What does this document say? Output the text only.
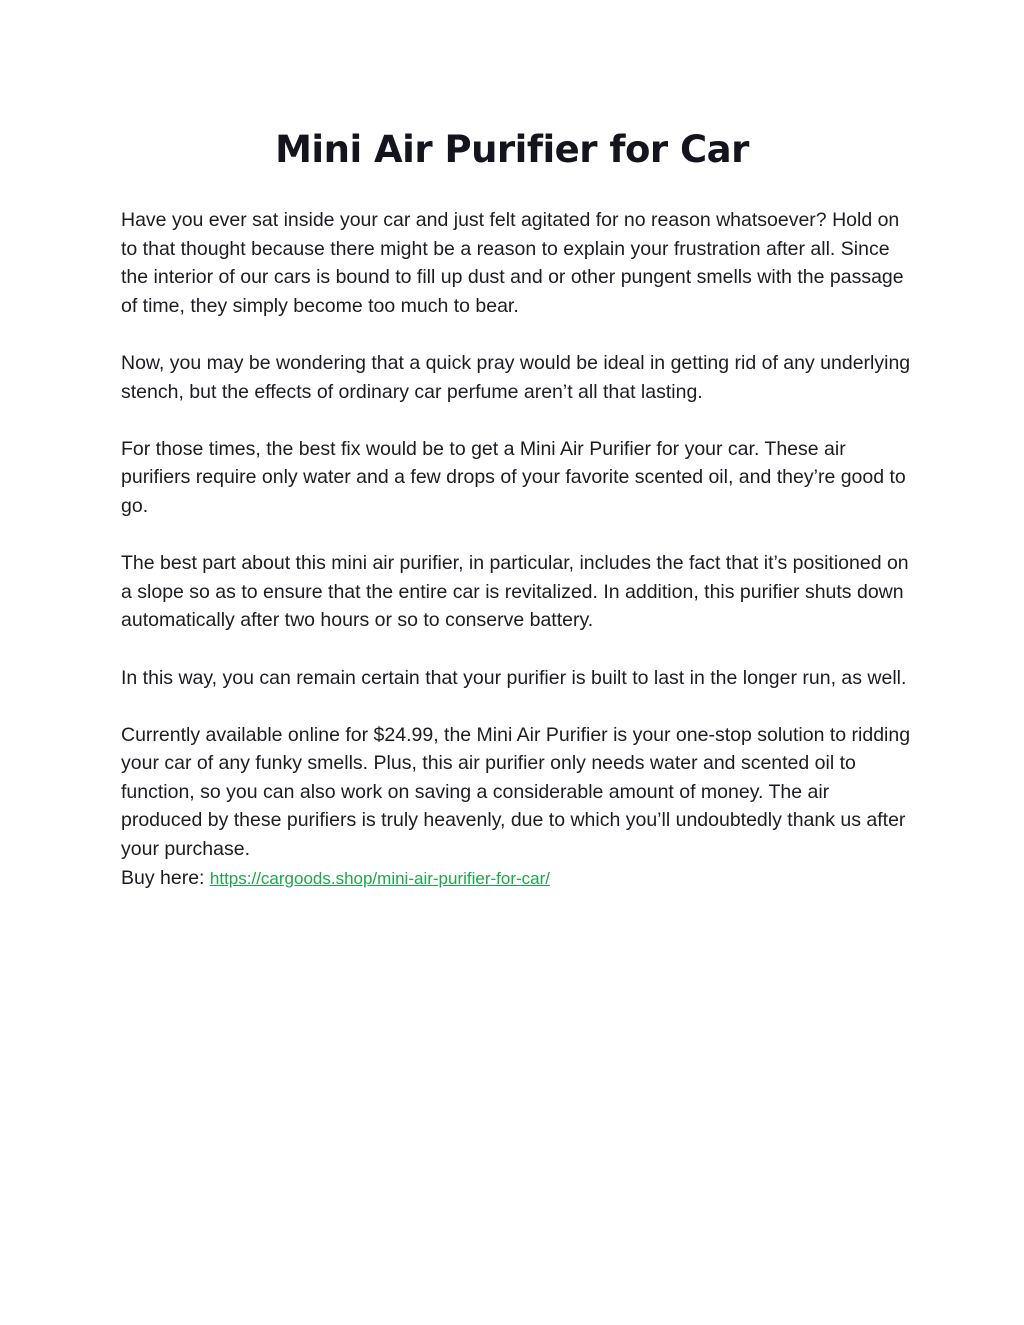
Mini Air Purifier for Car

Have you ever sat inside your car and just felt agitated for no reason whatsoever? Hold on to that thought because there might be a reason to explain your frustration after all. Since the interior of our cars is bound to fill up dust and or other pungent smells with the passage of time, they simply become too much to bear.

Now, you may be wondering that a quick pray would be ideal in getting rid of any underlying stench, but the effects of ordinary car perfume aren’t all that lasting.

For those times, the best fix would be to get a Mini Air Purifier for your car. These air purifiers require only water and a few drops of your favorite scented oil, and they’re good to go.

The best part about this mini air purifier, in particular, includes the fact that it’s positioned on a slope so as to ensure that the entire car is revitalized. In addition, this purifier shuts down automatically after two hours or so to conserve battery.

In this way, you can remain certain that your purifier is built to last in the longer run, as well.

Currently available online for $24.99, the Mini Air Purifier is your one-stop solution to ridding your car of any funky smells. Plus, this air purifier only needs water and scented oil to function, so you can also work on saving a considerable amount of money. The air produced by these purifiers is truly heavenly, due to which you’ll undoubtedly thank us after your purchase.

Buy here: https://cargoods.shop/mini-air-purifier-for-car/
